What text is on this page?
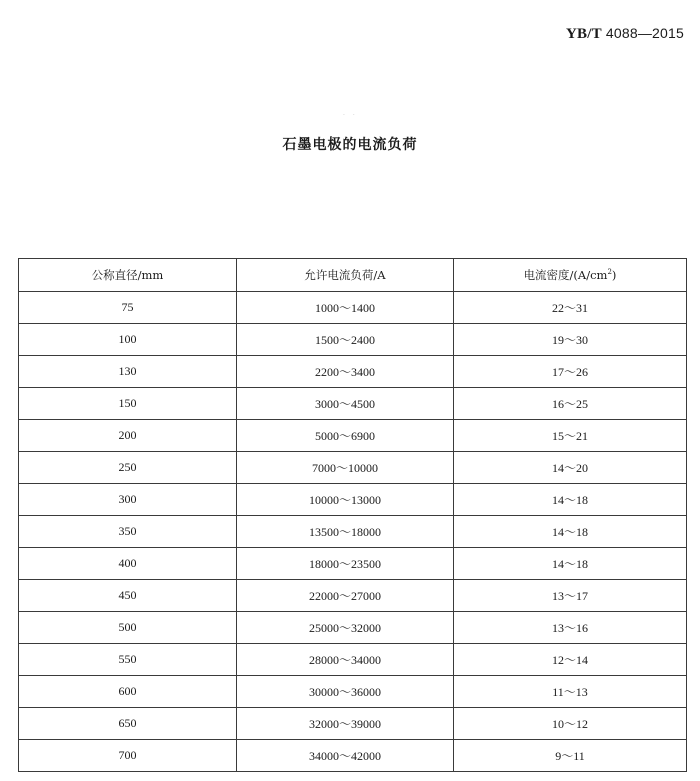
YB/T 4088—2015
· ·
石墨电极的电流负荷
公称直径/mm	允许电流负荷/A	电流密度$/(A/cm^2)$
75	1000～1400	22～31
100	1500～2400	19～30
130	2200～3400	17～26
150	3000～4500	16～25
200	5000～6900	15～21
250	7000～10000	14～20
300	10000～13000	14～18
350	13500～18000	14～18
400	18000～23500	14～18
450	22000～27000	13～17
500	25000～32000	13～16
550	28000～34000	12～14
600	30000～36000	11～13
650	32000～39000	10～12
700	34000～42000	9～11
